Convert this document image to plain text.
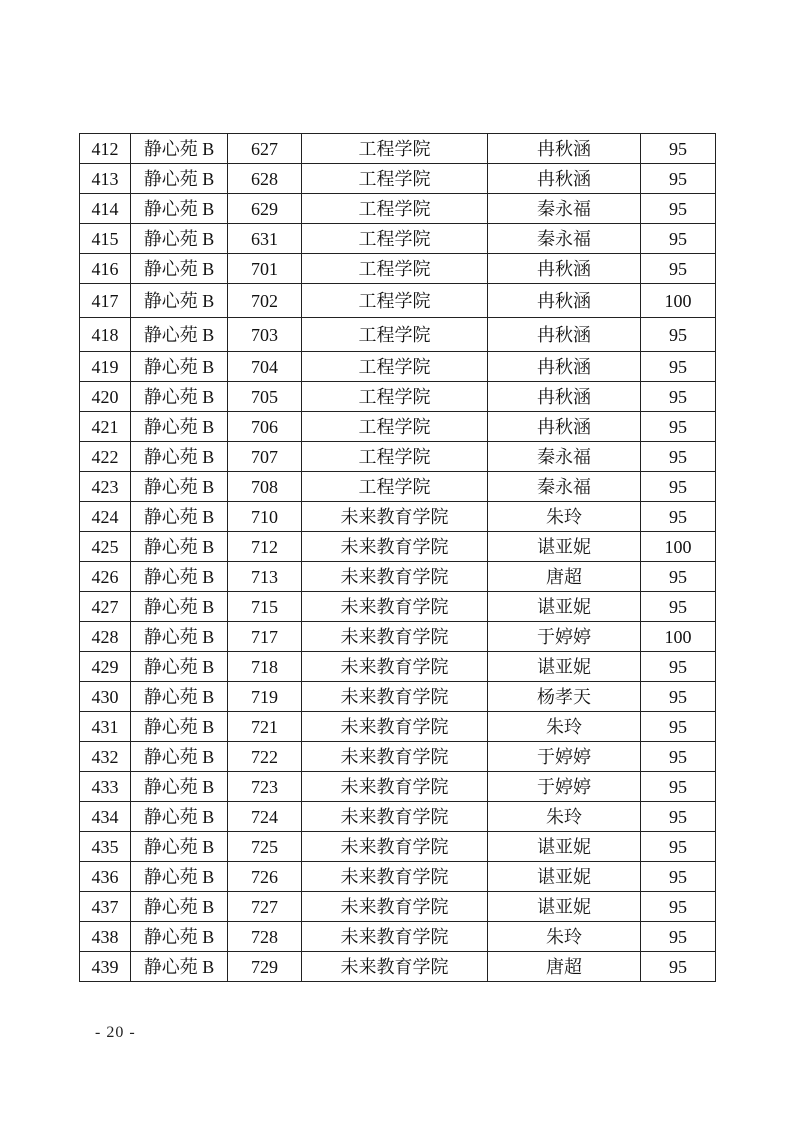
412	静心苑 B	627	工程学院	冉秋涵	95
413	静心苑 B	628	工程学院	冉秋涵	95
414	静心苑 B	629	工程学院	秦永福	95
415	静心苑 B	631	工程学院	秦永福	95
416	静心苑 B	701	工程学院	冉秋涵	95
417	静心苑 B	702	工程学院	冉秋涵	100
418	静心苑 B	703	工程学院	冉秋涵	95
419	静心苑 B	704	工程学院	冉秋涵	95
420	静心苑 B	705	工程学院	冉秋涵	95
421	静心苑 B	706	工程学院	冉秋涵	95
422	静心苑 B	707	工程学院	秦永福	95
423	静心苑 B	708	工程学院	秦永福	95
424	静心苑 B	710	未来教育学院	朱玲	95
425	静心苑 B	712	未来教育学院	谌亚妮	100
426	静心苑 B	713	未来教育学院	唐超	95
427	静心苑 B	715	未来教育学院	谌亚妮	95
428	静心苑 B	717	未来教育学院	于婷婷	100
429	静心苑 B	718	未来教育学院	谌亚妮	95
430	静心苑 B	719	未来教育学院	杨孝天	95
431	静心苑 B	721	未来教育学院	朱玲	95
432	静心苑 B	722	未来教育学院	于婷婷	95
433	静心苑 B	723	未来教育学院	于婷婷	95
434	静心苑 B	724	未来教育学院	朱玲	95
435	静心苑 B	725	未来教育学院	谌亚妮	95
436	静心苑 B	726	未来教育学院	谌亚妮	95
437	静心苑 B	727	未来教育学院	谌亚妮	95
438	静心苑 B	728	未来教育学院	朱玲	95
439	静心苑 B	729	未来教育学院	唐超	95
- 20 -
